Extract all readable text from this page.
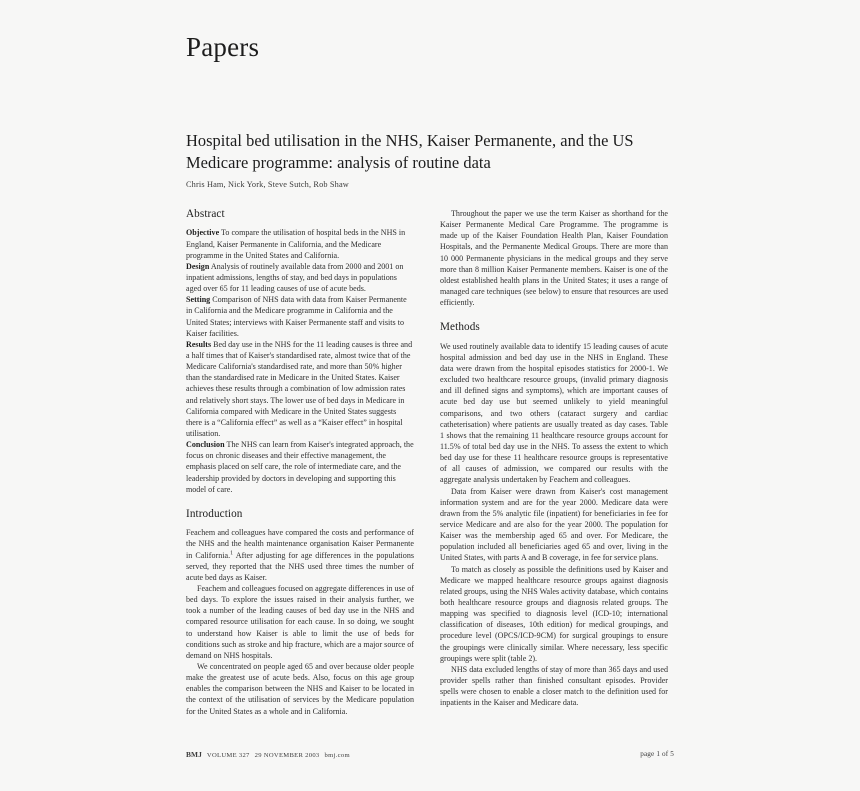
Papers
Hospital bed utilisation in the NHS, Kaiser Permanente, and the US Medicare programme: analysis of routine data
Chris Ham, Nick York, Steve Sutch, Rob Shaw
Abstract

Objective To compare the utilisation of hospital beds in the NHS in England, Kaiser Permanente in California, and the Medicare programme in the United States and California.

Design Analysis of routinely available data from 2000 and 2001 on inpatient admissions, lengths of stay, and bed days in populations aged over 65 for 11 leading causes of use of acute beds.

Setting Comparison of NHS data with data from Kaiser Permanente in California and the Medicare programme in California and the United States; interviews with Kaiser Permanente staff and visits to Kaiser facilities.

Results Bed day use in the NHS for the 11 leading causes is three and a half times that of Kaiser's standardised rate, almost twice that of the Medicare California's standardised rate, and more than 50% higher than the standardised rate in Medicare in the United States. Kaiser achieves these results through a combination of low admission rates and relatively short stays. The lower use of bed days in Medicare in California compared with Medicare in the United States suggests there is a “California effect” as well as a “Kaiser effect” in hospital utilisation.

Conclusion The NHS can learn from Kaiser's integrated approach, the focus on chronic diseases and their effective management, the emphasis placed on self care, the role of intermediate care, and the leadership provided by doctors in developing and supporting this model of care.

Introduction

Feachem and colleagues have compared the costs and performance of the NHS and the health maintenance organisation Kaiser Permanente in California.$^1$ After adjusting for age differences in the populations served, they reported that the NHS used three times the number of acute bed days as Kaiser.

Feachem and colleagues focused on aggregate differences in use of bed days. To explore the issues raised in their analysis further, we took a number of the leading causes of bed day use in the NHS and compared resource utilisation for each cause. In so doing, we sought to understand how Kaiser is able to limit the use of beds for conditions such as stroke and hip fracture, which are a major source of demand on NHS hospitals.

We concentrated on people aged 65 and over because older people make the greatest use of acute beds. Also, focus on this age group enables the comparison between the NHS and Kaiser to be located in the context of the utilisation of services by the Medicare population for the United States as a whole and in California.

Throughout the paper we use the term Kaiser as shorthand for the Kaiser Permanente Medical Care Programme. The programme is made up of the Kaiser Foundation Health Plan, Kaiser Foundation Hospitals, and the Permanente Medical Groups. There are more than 10 000 Permanente physicians in the medical groups and they serve more than 8 million Kaiser Permanente members. Kaiser is one of the oldest established health plans in the United States; it uses a range of managed care techniques (see below) to ensure that resources are used efficiently.

Methods

We used routinely available data to identify 15 leading causes of acute hospital admission and bed day use in the NHS in England. These data were drawn from the hospital episodes statistics for 2000-1. We excluded two healthcare resource groups, (invalid primary diagnosis and ill defined signs and symptoms), which are important causes of acute bed day use but seemed unlikely to yield meaningful comparisons, and two others (cataract surgery and cardiac catheterisation) where patients are usually treated as day cases. Table 1 shows that the remaining 11 healthcare resource groups account for 11.5% of total bed day use in the NHS. To assess the extent to which bed day use for these 11 healthcare resource groups is representative of all causes of admission, we compared our results with the aggregate analysis undertaken by Feachem and colleagues.

Data from Kaiser were drawn from Kaiser's cost management information system and are for the year 2000. Medicare data were drawn from the 5% analytic file (inpatient) for beneficiaries in fee for service Medicare and are also for the year 2000. The population for Kaiser was the membership aged 65 and over. For Medicare, the population included all beneficiaries aged 65 and over, living in the United States, with parts A and B coverage, in fee for service plans.

To match as closely as possible the definitions used by Kaiser and Medicare we mapped healthcare resource groups against diagnosis related groups, using the NHS Wales activity database, which contains both healthcare resource groups and diagnosis related groups. The mapping was specified to diagnosis level (ICD-10; international classification of diseases, 10th edition) for medical groupings, and procedure level (OPCS/ICD-9CM) for surgical groupings to ensure the groupings were clinically similar. Where necessary, less specific groupings were split (table 2).

NHS data excluded lengths of stay of more than 365 days and used provider spells rather than finished consultant episodes. Provider spells were chosen to enable a closer match to the definition used for inpatients in the Kaiser and Medicare data.

BMJ VOLUME 327 29 NOVEMBER 2003 bmj.com	page 1 of 5
